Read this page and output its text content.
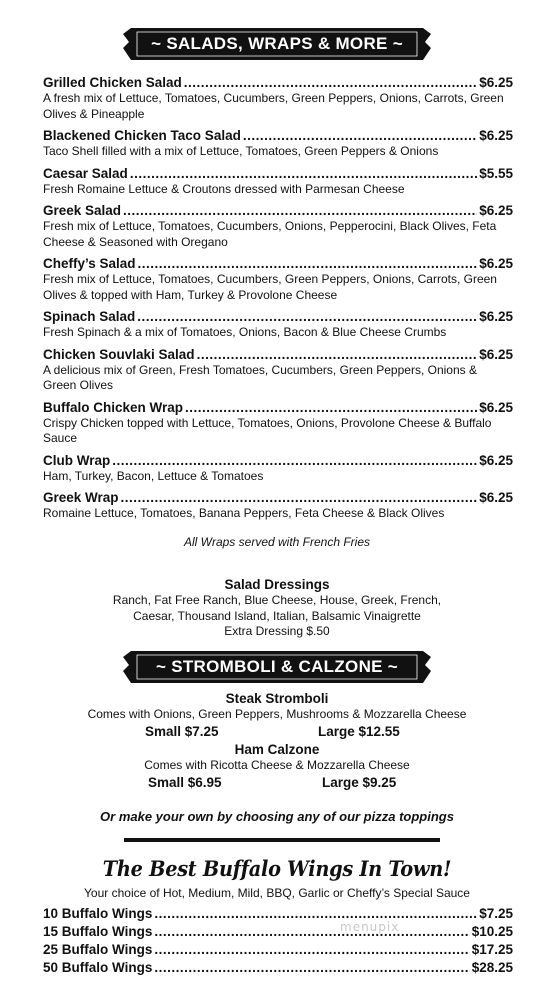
~ SALADS, WRAPS & MORE ~
Grilled Chicken Salad .....	$6.25
A fresh mix of Lettuce, Tomatoes, Cucumbers, Green Peppers, Onions, Carrots, Green Olives & Pineapple
Blackened Chicken Taco Salad .....	$6.25
Taco Shell filled with a mix of Lettuce, Tomatoes, Green Peppers & Onions
Caesar Salad .....	$5.55
Fresh Romaine Lettuce & Croutons dressed with Parmesan Cheese
Greek Salad .....	$6.25
Fresh mix of Lettuce, Tomatoes, Cucumbers, Onions, Pepperocini, Black Olives, Feta Cheese & Seasoned with Oregano
Cheffy’s Salad .....	$6.25
Fresh mix of Lettuce, Tomatoes, Cucumbers, Green Peppers, Onions, Carrots, Green Olives & topped with Ham, Turkey & Provolone Cheese
Spinach Salad .....	$6.25
Fresh Spinach & a mix of Tomatoes, Onions, Bacon & Blue Cheese Crumbs
Chicken Souvlaki Salad .....	$6.25
A delicious mix of Green, Fresh Tomatoes, Cucumbers, Green Peppers, Onions & Green Olives
Buffalo Chicken Wrap .....	$6.25
Crispy Chicken topped with Lettuce, Tomatoes, Onions, Provolone Cheese & Buffalo Sauce
Club Wrap .....	$6.25
Ham, Turkey, Bacon, Lettuce & Tomatoes
Greek Wrap .....	$6.25
Romaine Lettuce, Tomatoes, Banana Peppers, Feta Cheese & Black Olives
All Wraps served with French Fries
Salad Dressings
Ranch, Fat Free Ranch, Blue Cheese, House, Greek, French,
Caesar, Thousand Island, Italian, Balsamic Vinaigrette
Extra Dressing $.50
~ STROMBOLI & CALZONE ~
Steak Stromboli
Comes with Onions, Green Peppers, Mushrooms & Mozzarella Cheese
Small $7.25	Large $12.55
Ham Calzone
Comes with Ricotta Cheese & Mozzarella Cheese
Small $6.95	Large $9.25
Or make your own by choosing any of our pizza toppings
The Best Buffalo Wings In Town!
Your choice of Hot, Medium, Mild, BBQ, Garlic or Cheffy’s Special Sauce
10 Buffalo Wings .....	$7.25
15 Buffalo Wings .....	$10.25
25 Buffalo Wings .....	$17.25
50 Buffalo Wings .....	$28.25
menupix
